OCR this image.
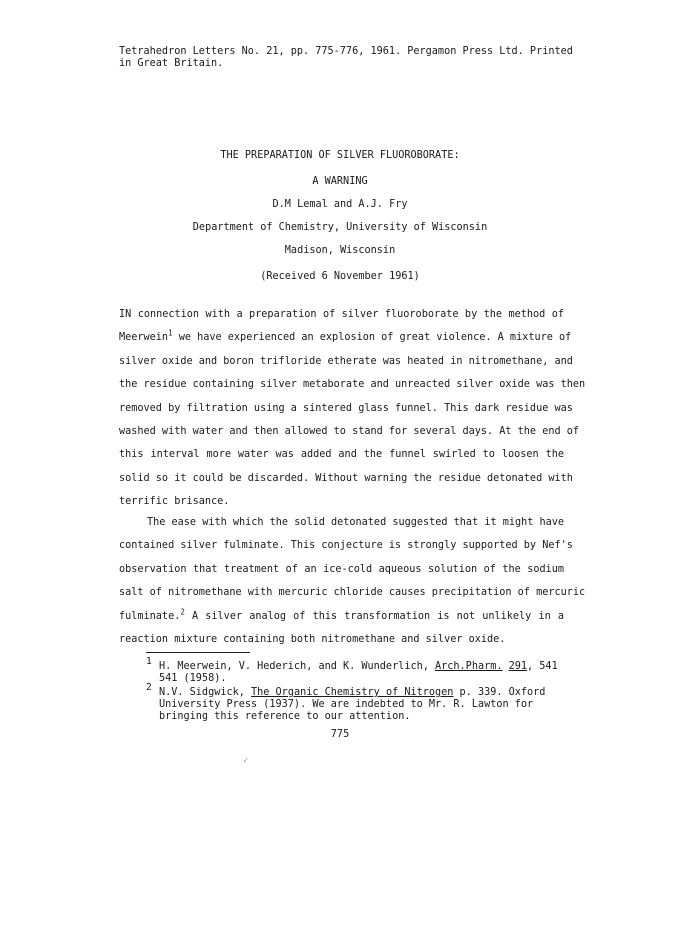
Tetrahedron Letters No. 21, pp. 775-776, 1961. Pergamon Press Ltd. Printed
in Great Britain.
THE PREPARATION OF SILVER FLUOROBORATE:
A WARNING
D.M Lemal and A.J. Fry
Department of Chemistry, University of Wisconsin
Madison, Wisconsin
(Received 6 November 1961)
IN connection with a preparation of silver fluoroborate by the method of
Meerwein$^1$ we have experienced an explosion of great violence. A mixture of
silver oxide and boron trifloride etherate was heated in nitromethane, and
the residue containing silver metaborate and unreacted silver oxide was then
removed by filtration using a sintered glass funnel. This dark residue was
washed with water and then allowed to stand for several days. At the end of
this interval more water was added and the funnel swirled to loosen the
solid so it could be discarded. Without warning the residue detonated with
terrific brisance.
The ease with which the solid detonated suggested that it might have
contained silver fulminate. This conjecture is strongly supported by Nef's
observation that treatment of an ice-cold aqueous solution of the sodium
salt of nitromethane with mercuric chloride causes precipitation of mercuric
fulminate.$^2$ A silver analog of this transformation is not unlikely in a
reaction mixture containing both nitromethane and silver oxide.
1 H. Meerwein, V. Hederich, and K. Wunderlich, Arch.Pharm. 291, 541
541 (1958).
2 N.V. Sidgwick, The Organic Chemistry of Nitrogen p. 339. Oxford
University Press (1937). We are indebted to Mr. R. Lawton for
bringing this reference to our attention.
775
✓
